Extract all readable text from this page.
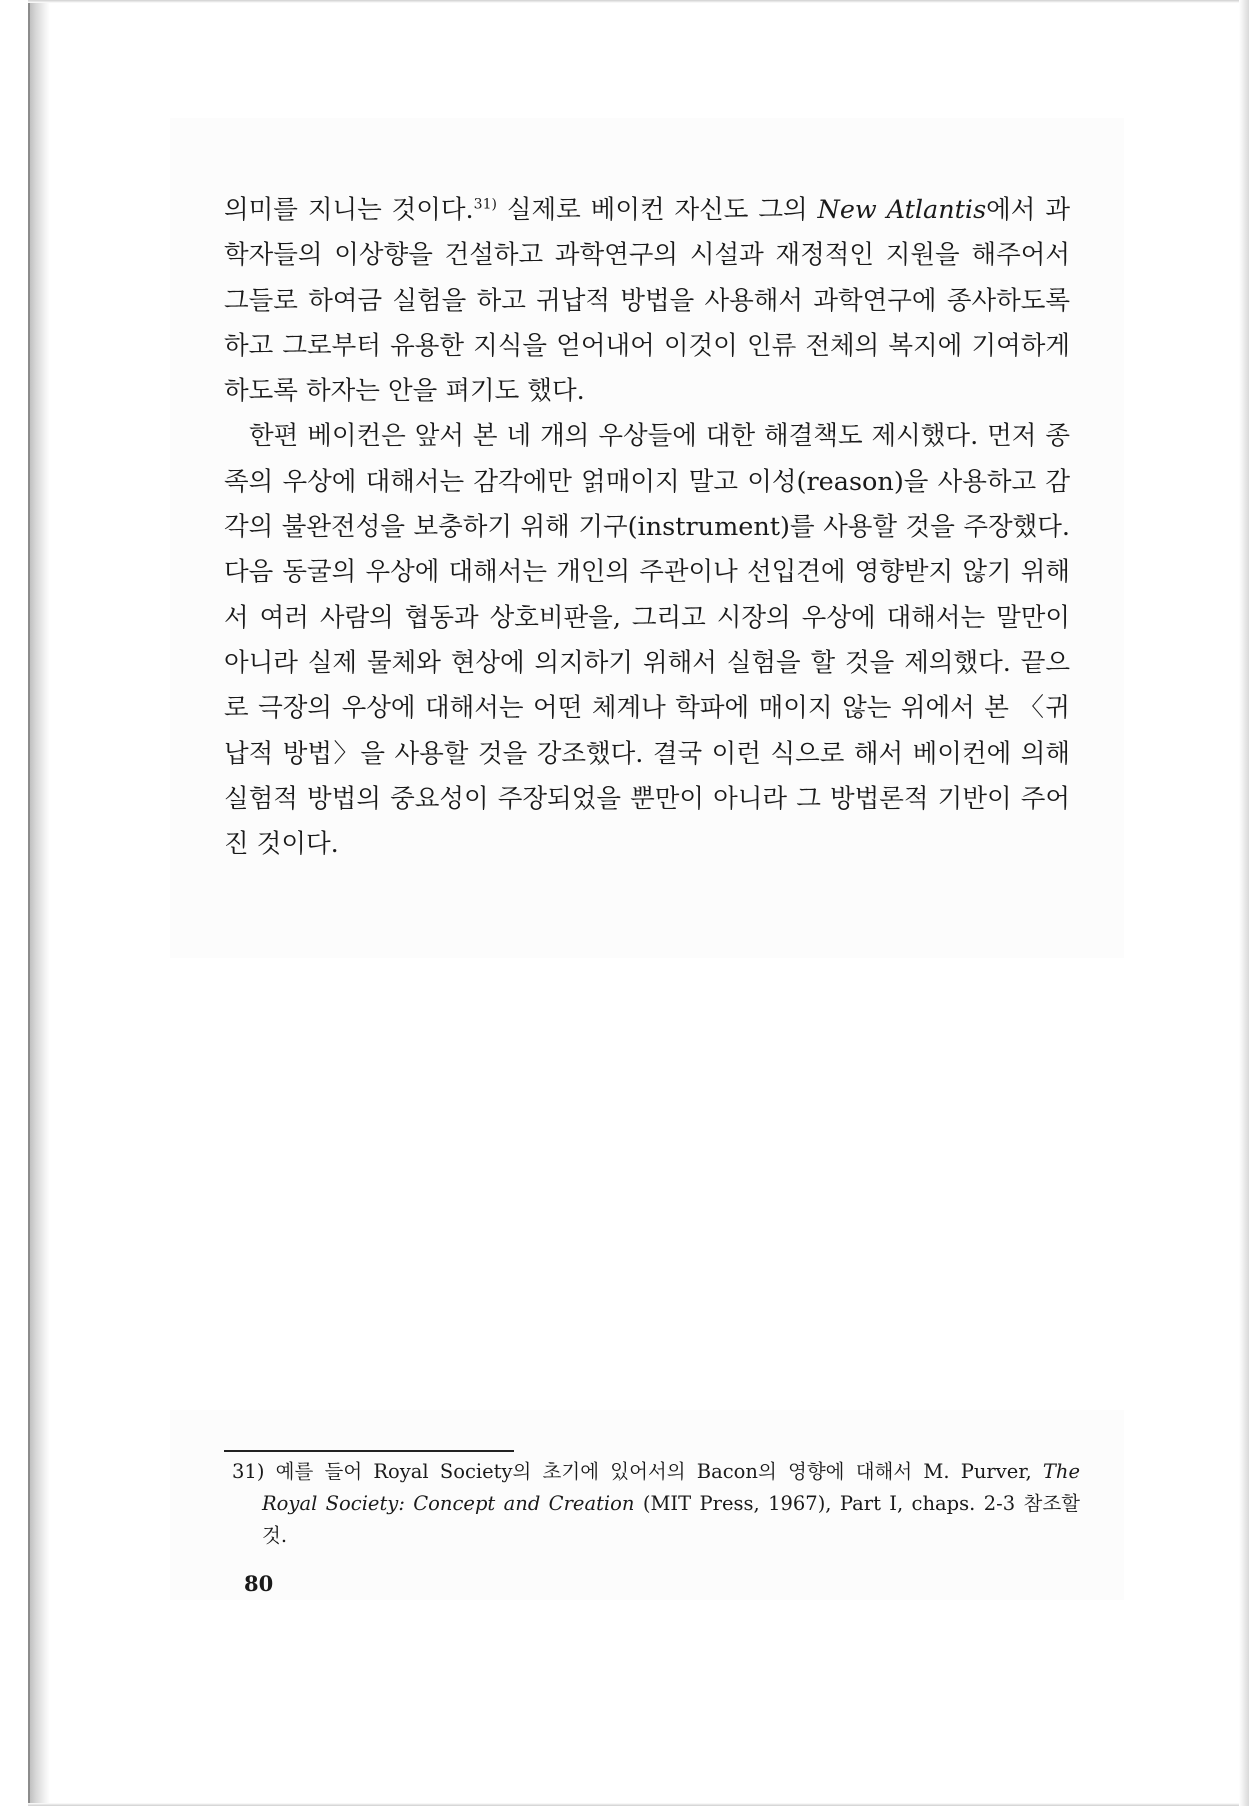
의미를 지니는 것이다.$^{31)}$ 실제로 베이컨 자신도 그의 New Atlantis에서 과학자들의 이상향을 건설하고 과학연구의 시설과 재정적인 지원을 해주어서 그들로 하여금 실험을 하고 귀납적 방법을 사용해서 과학연구에 종사하도록 하고 그로부터 유용한 지식을 얻어내어 이것이 인류 전체의 복지에 기여하게 하도록 하자는 안을 펴기도 했다.

한편 베이컨은 앞서 본 네 개의 우상들에 대한 해결책도 제시했다. 먼저 종족의 우상에 대해서는 감각에만 얽매이지 말고 이성(reason)을 사용하고 감각의 불완전성을 보충하기 위해 기구(instrument)를 사용할 것을 주장했다. 다음 동굴의 우상에 대해서는 개인의 주관이나 선입견에 영향받지 않기 위해서 여러 사람의 협동과 상호비판을, 그리고 시장의 우상에 대해서는 말만이 아니라 실제 물체와 현상에 의지하기 위해서 실험을 할 것을 제의했다. 끝으로 극장의 우상에 대해서는 어떤 체계나 학파에 매이지 않는 위에서 본 〈귀납적 방법〉을 사용할 것을 강조했다. 결국 이런 식으로 해서 베이컨에 의해 실험적 방법의 중요성이 주장되었을 뿐만이 아니라 그 방법론적 기반이 주어진 것이다.

31) 예를 들어 Royal Society의 초기에 있어서의 Bacon의 영향에 대해서 M. Purver, The Royal Society: Concept and Creation (MIT Press, 1967), Part I, chaps. 2-3 참조할 것.
80
